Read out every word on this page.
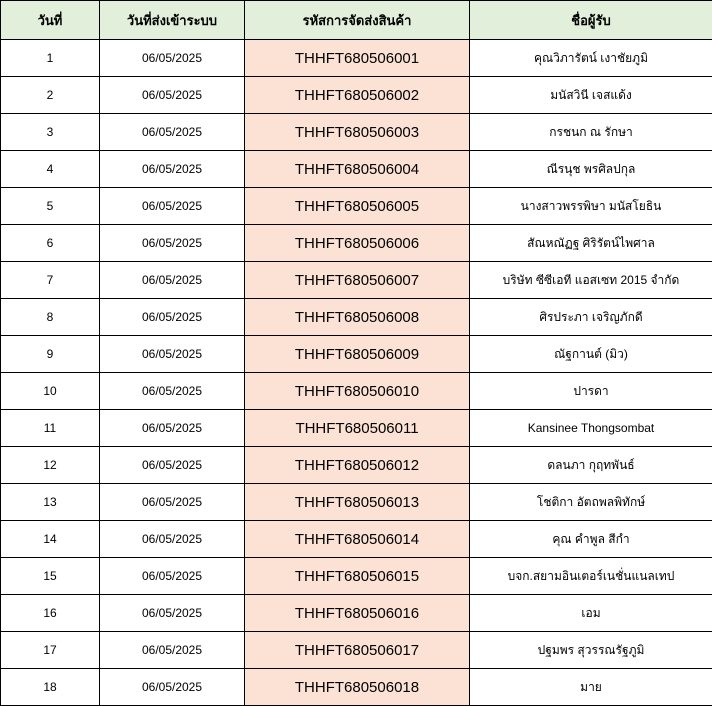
วันที่	วันที่ส่งเข้าระบบ	รหัสการจัดส่งสินค้า	ชื่อผู้รับ
1	06/05/2025	THHFT680506001	คุณวิภารัตน์ เงาชัยภูมิ
2	06/05/2025	THHFT680506002	มนัสวินี เจสแด้ง
3	06/05/2025	THHFT680506003	กรชนก ณ รักษา
4	06/05/2025	THHFT680506004	ณีรนุช พรศิลปกุล
5	06/05/2025	THHFT680506005	นางสาวพรรพิษา มนัสโยธิน
6	06/05/2025	THHFT680506006	สัณหณัฏฐ ศิริรัตน์ไพศาล
7	06/05/2025	THHFT680506007	บริษัท ซีซีเอที แอสเซท 2015 จำกัด
8	06/05/2025	THHFT680506008	ศิรประภา เจริญภักดี
9	06/05/2025	THHFT680506009	ณัฐกานต์ (มิว)
10	06/05/2025	THHFT680506010	ปารดา
11	06/05/2025	THHFT680506011	Kansinee Thongsombat
12	06/05/2025	THHFT680506012	ดลนภา กุฤทพันธ์
13	06/05/2025	THHFT680506013	โชติกา อัตถพลพิทักษ์
14	06/05/2025	THHFT680506014	คุณ คำพูล สีกำ
15	06/05/2025	THHFT680506015	บจก.สยามอินเตอร์เนชั่นแนลเทป
16	06/05/2025	THHFT680506016	เอม
17	06/05/2025	THHFT680506017	ปฐมพร สุวรรณรัฐภูมิ
18	06/05/2025	THHFT680506018	มาย
